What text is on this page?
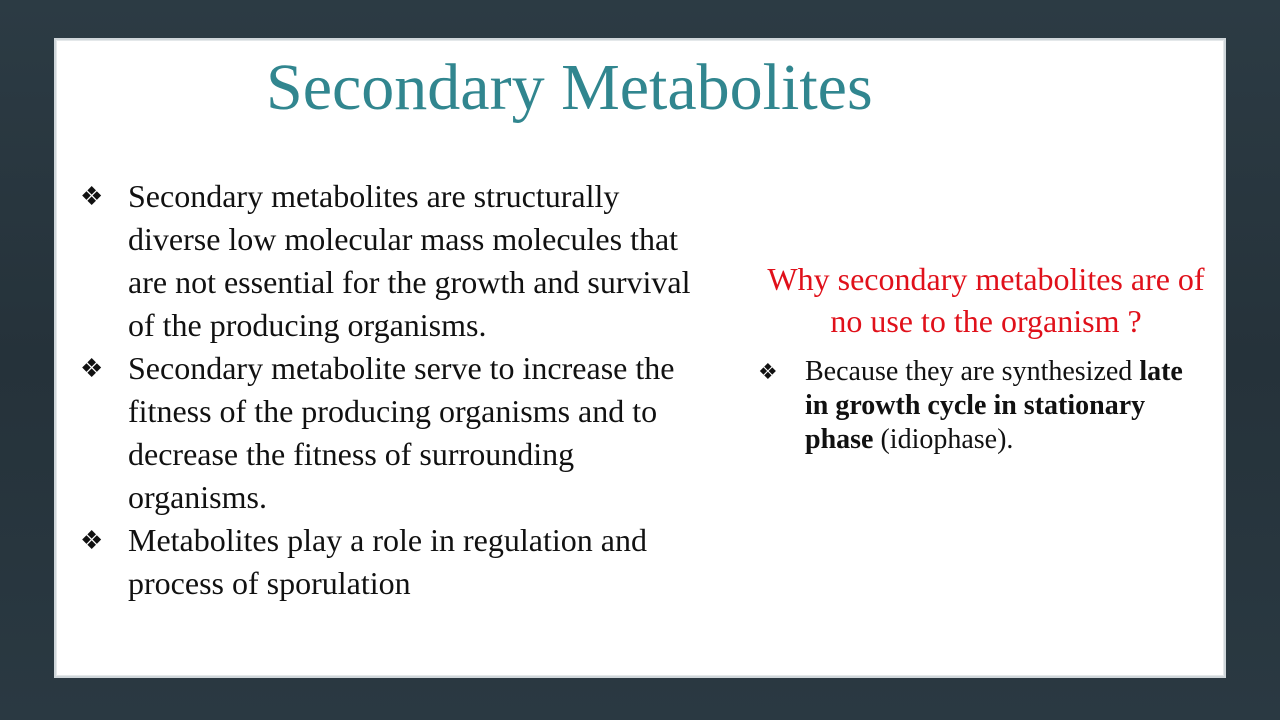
Secondary Metabolites
❖ Secondary metabolites are structurally diverse low molecular mass molecules that are not essential for the growth and survival of the producing organisms.
❖ Secondary metabolite serve to increase the fitness of the producing organisms and to decrease the fitness of surrounding organisms.
❖ Metabolites play a role in regulation and process of sporulation

Why secondary metabolites are of no use to the organism ?

❖ Because they are synthesized late in growth cycle in stationary phase (idiophase).
